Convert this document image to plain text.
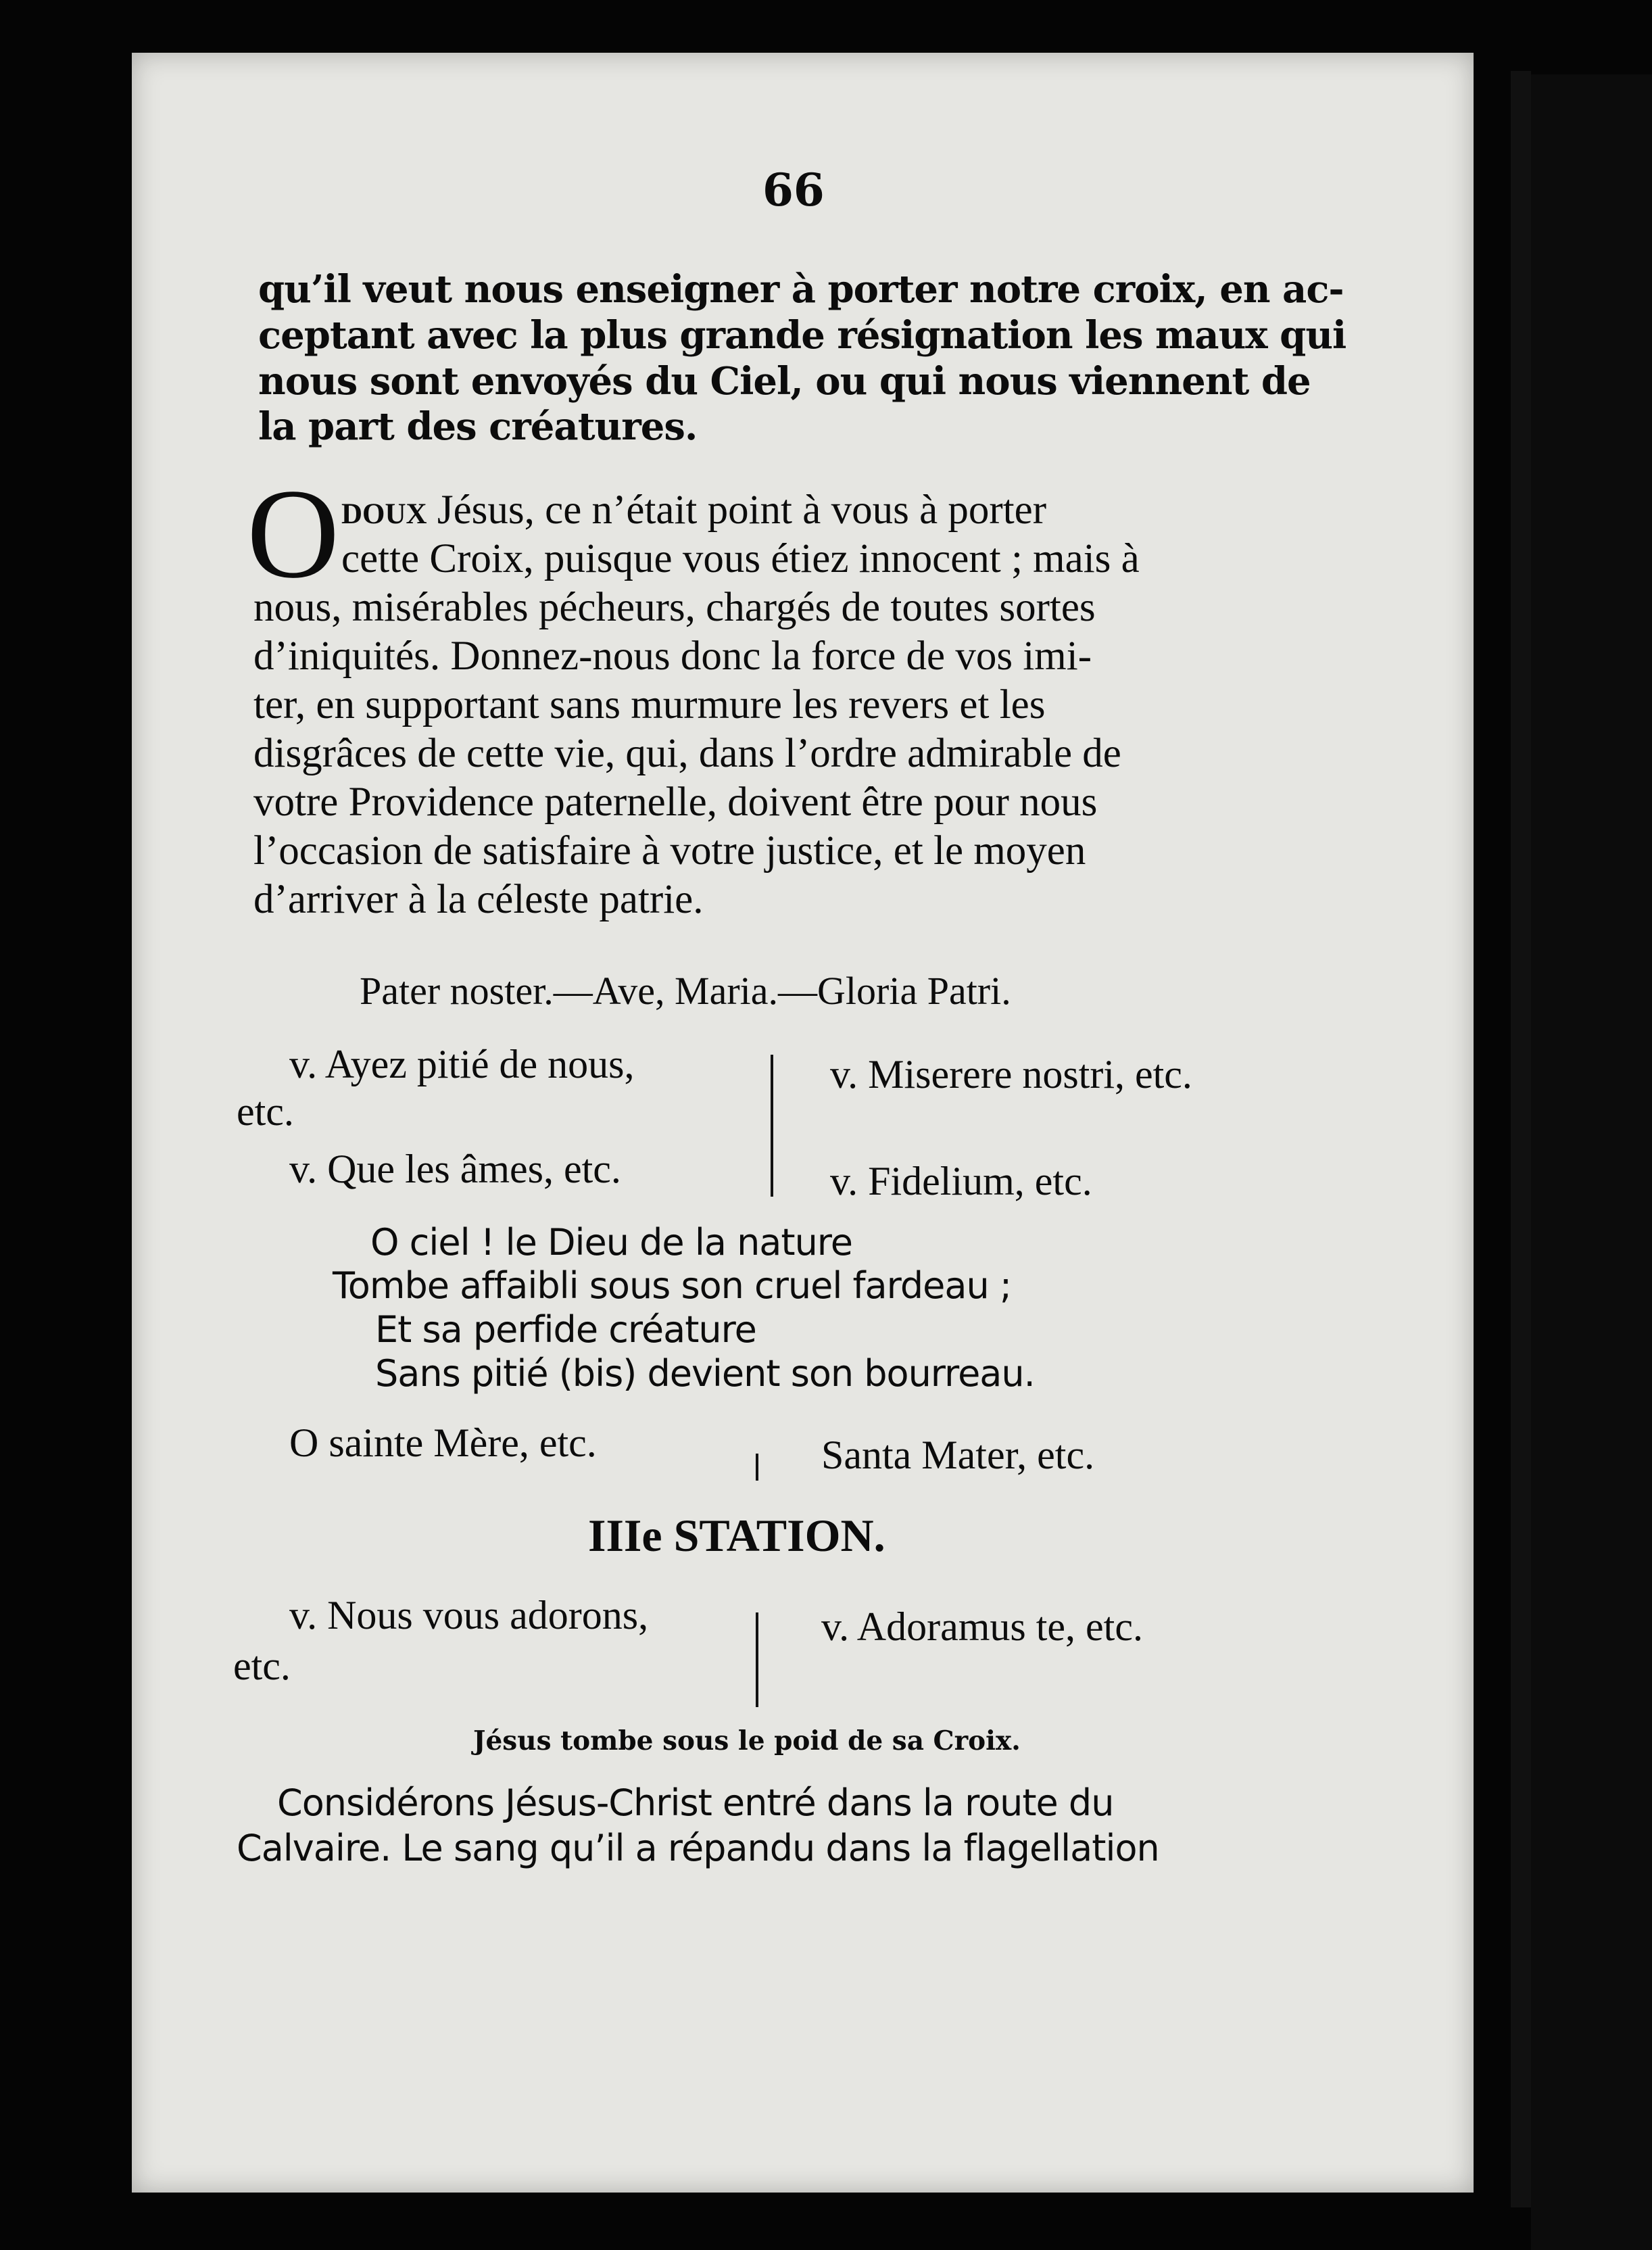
66
qu’il veut nous enseigner à porter notre croix, en ac-
ceptant avec la plus grande résignation les maux qui
nous sont envoyés du Ciel, ou qui nous viennent de
la part des créatures.
O doux Jésus, ce n’était point à vous à porter
cette Croix, puisque vous étiez innocent ; mais à
nous, misérables pécheurs, chargés de toutes sortes
d’iniquités. Donnez-nous donc la force de vos imi-
ter, en supportant sans murmure les revers et les
disgrâces de cette vie, qui, dans l’ordre admirable de
votre Providence paternelle, doivent être pour nous
l’occasion de satisfaire à votre justice, et le moyen
d’arriver à la céleste patrie.
Pater noster.—Ave, Maria.—Gloria Patri.
v. Ayez pitié de nous,
etc.
v. Que les âmes, etc.
v. Miserere nostri, etc.
v. Fidelium, etc.
O ciel ! le Dieu de la nature
Tombe affaibli sous son cruel fardeau ;
Et sa perfide créature
Sans pitié (bis) devient son bourreau.
O sainte Mère, etc.	Santa Mater, etc.
IIIe STATION.
v. Nous vous adorons,
etc.
v. Adoramus te, etc.
Jésus tombe sous le poid de sa Croix.
Considérons Jésus-Christ entré dans la route du
Calvaire. Le sang qu’il a répandu dans la flagellation
